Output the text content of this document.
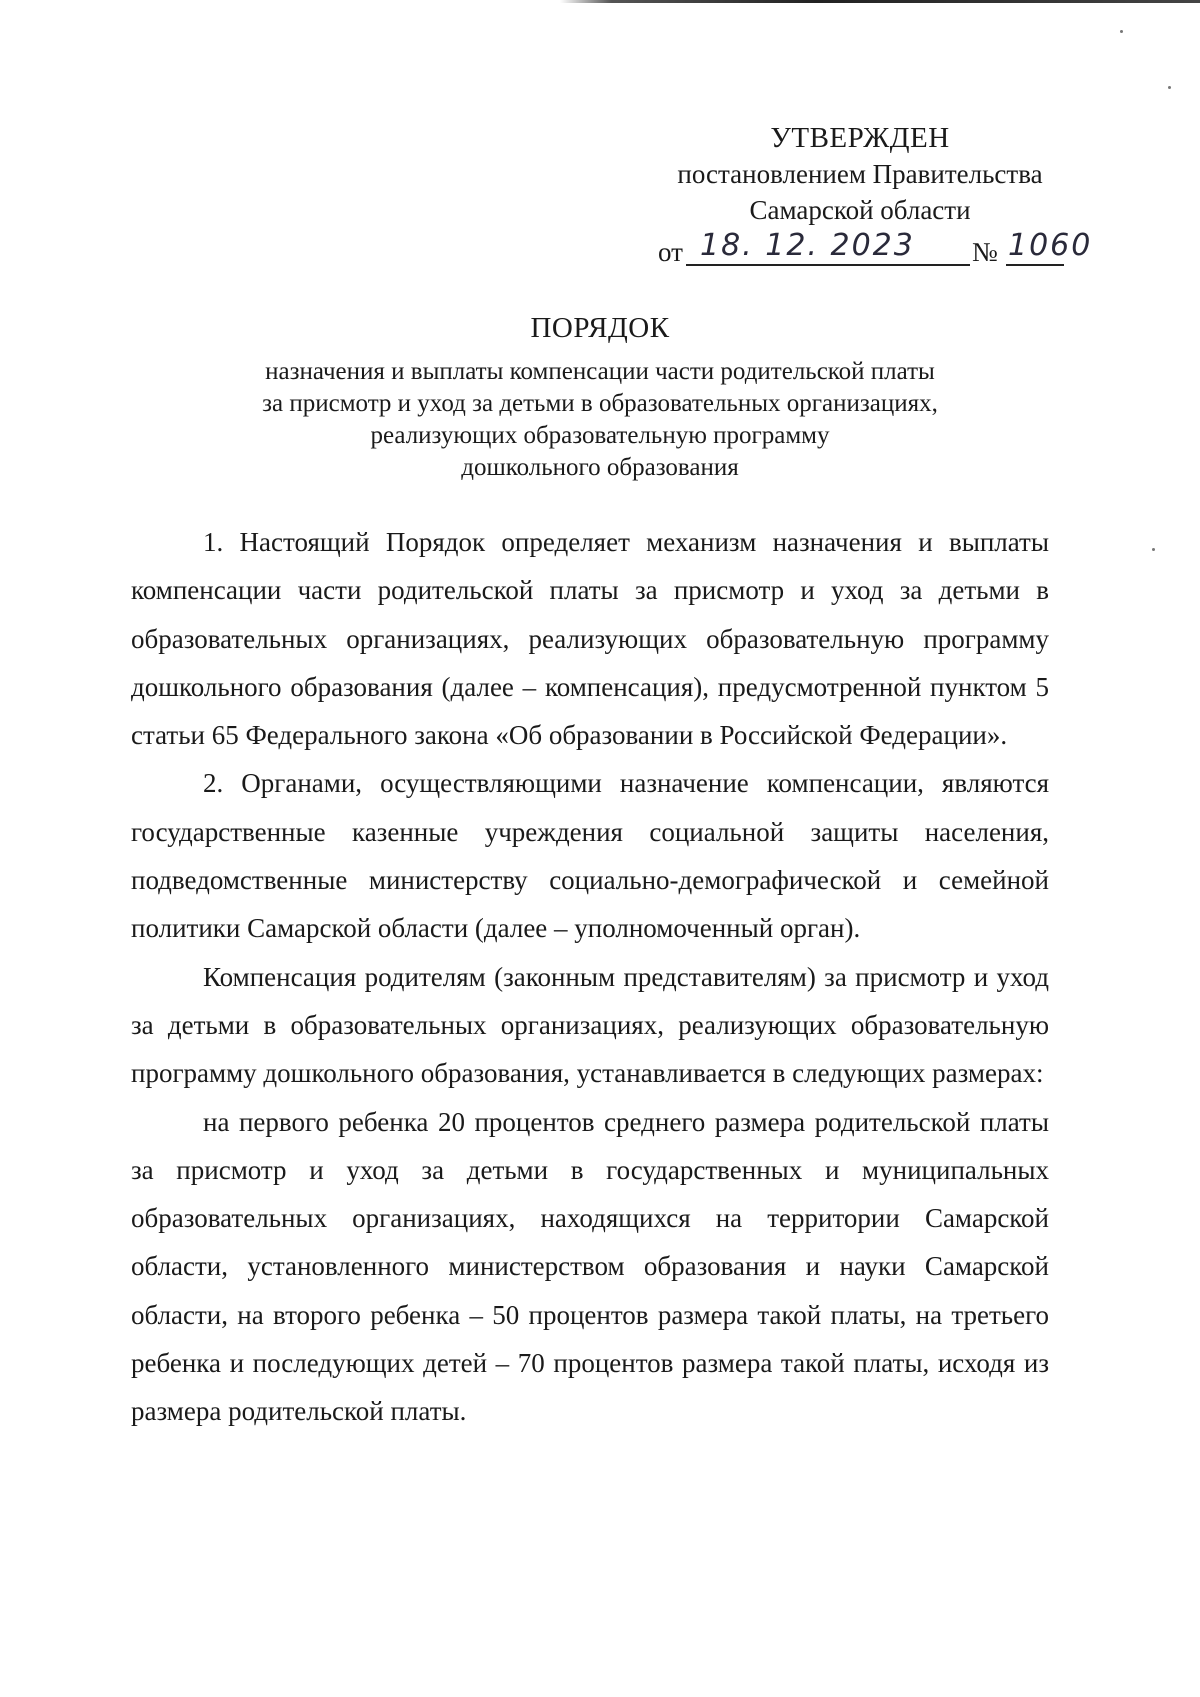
УТВЕРЖДЕН
постановлением Правительства
Самарской области
от 18. 12. 2023 № 1060
ПОРЯДОК
назначения и выплаты компенсации части родительской платы
за присмотр и уход за детьми в образовательных организациях,
реализующих образовательную программу
дошкольного образования

1. Настоящий Порядок определяет механизм назначения и выплаты компенсации части родительской платы за присмотр и уход за детьми в образовательных организациях, реализующих образовательную программу дошкольного образования (далее – компенсация), предусмотренной пунктом 5 статьи 65 Федерального закона «Об образовании в Российской Федерации».

2. Органами, осуществляющими назначение компенсации, являются государственные казенные учреждения социальной защиты населения, подведомственные министерству социально-демографической и семейной политики Самарской области (далее – уполномоченный орган).

Компенсация родителям (законным представителям) за присмотр и уход за детьми в образовательных организациях, реализующих образовательную программу дошкольного образования, устанавливается в следующих размерах:

на первого ребенка 20 процентов среднего размера родительской платы за присмотр и уход за детьми в государственных и муниципальных образовательных организациях, находящихся на территории Самарской области, установленного министерством образования и науки Самарской области, на второго ребенка – 50 процентов размера такой платы, на третьего ребенка и последующих детей – 70 процентов размера такой платы, исходя из размера родительской платы.
